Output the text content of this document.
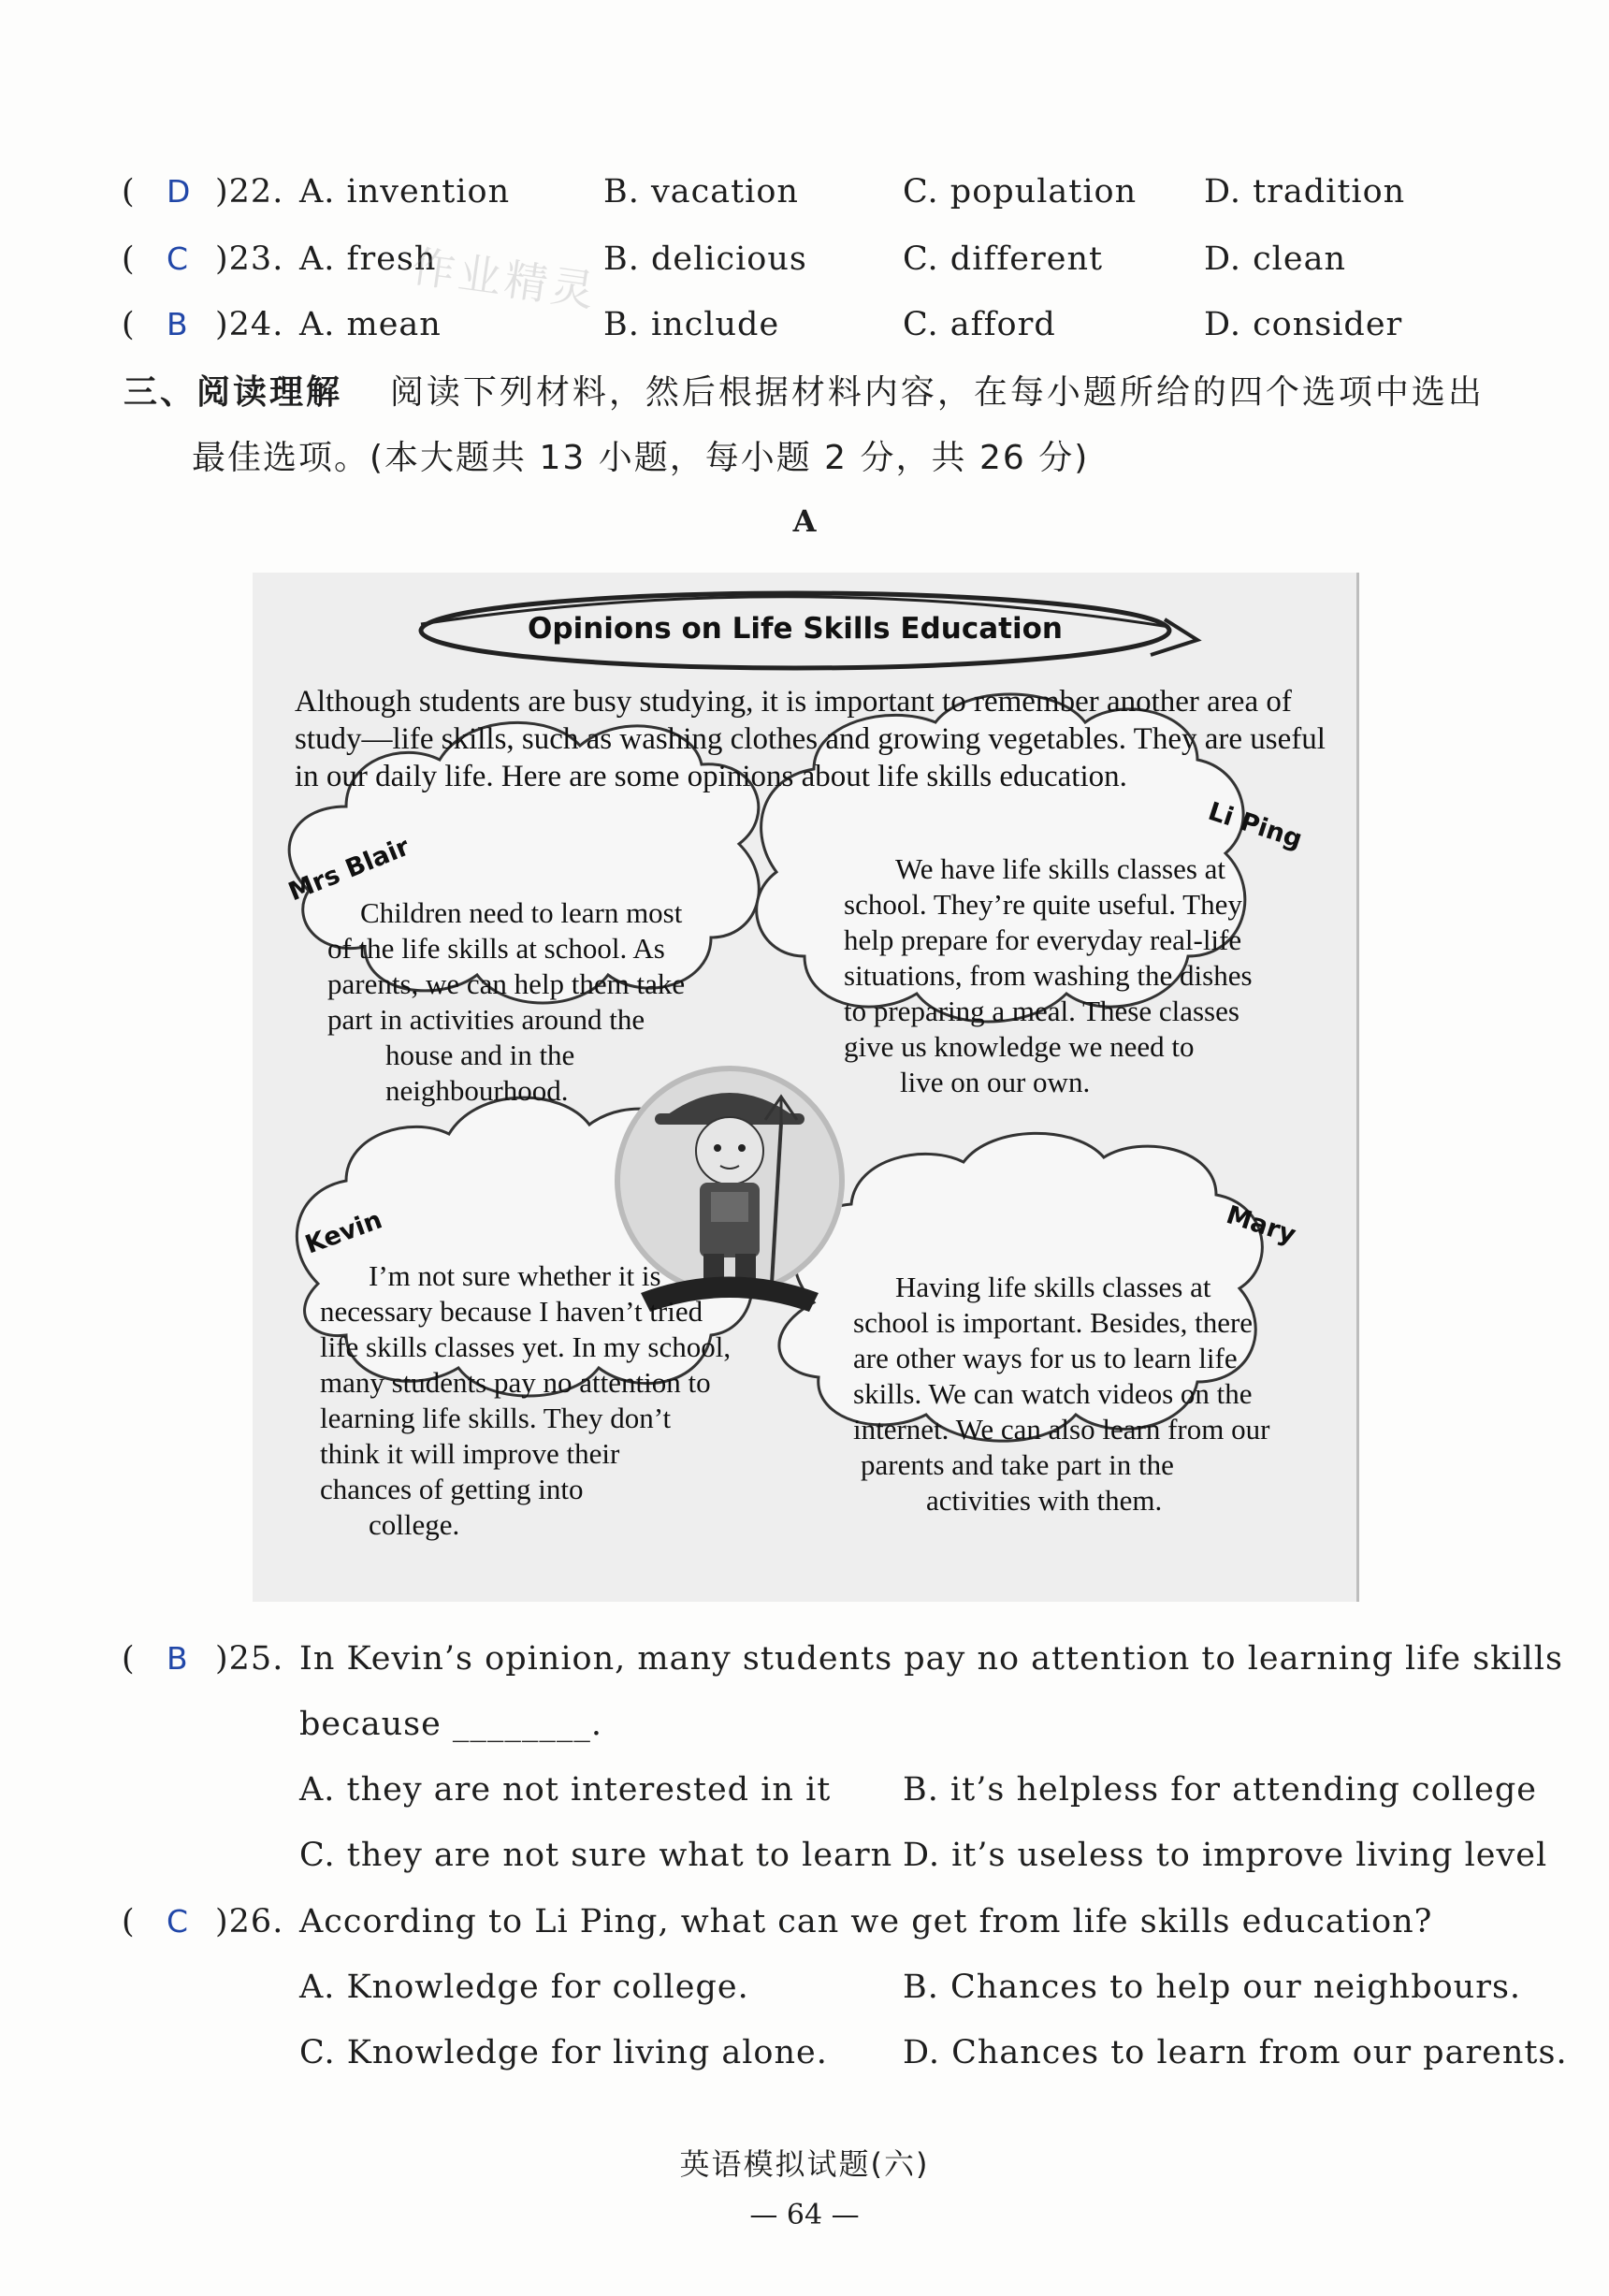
( D )22. A. invention	B. vacation	C. population D. tradition
( C )23. A. fresh	B. delicious	C. different	D. clean
( B )24. A. mean	B. include	C. afford	D. consider
作业精灵
三、阅读理解 阅读下列材料，然后根据材料内容，在每小题所给的四个选项中选出
最佳选项。(本大题共 13 小题，每小题 2 分，共 26 分)
A
Opinions on Life Skills Education
Although students are busy studying, it is important to remember another area of study—life skills, such as washing clothes and growing vegetables. They are useful in our daily life. Here are some opinions about life skills education.
Mrs Blair
Li Ping
Kevin	Mary
Children need to learn most
of the life skills at school. As
parents, we can help them take
part in activities around the
house and in the
neighbourhood.
We have life skills classes at
school. They’re quite useful. They
help prepare for everyday real-life
situations, from washing the dishes
to preparing a meal. These classes
give us knowledge we need to
live on our own.
I’m not sure whether it is
necessary because I haven’t tried
life skills classes yet. In my school,
many students pay no attention to
learning life skills. They don’t
think it will improve their
chances of getting into
college.
Having life skills classes at
school is important. Besides, there
are other ways for us to learn life
skills. We can watch videos on the
internet. We can also learn from our
parents and take part in the
activities with them.
( B )25. In Kevin’s opinion, many students pay no attention to learning life skills
because ________.
A. they are not interested in it B. it’s helpless for attending college
C. they are not sure what to learn D. it’s useless to improve living level
( C )26. According to Li Ping, what can we get from life skills education?
A. Knowledge for college.	B. Chances to help our neighbours.
C. Knowledge for living alone. D. Chances to learn from our parents.
英语模拟试题(六)
— 64 —
